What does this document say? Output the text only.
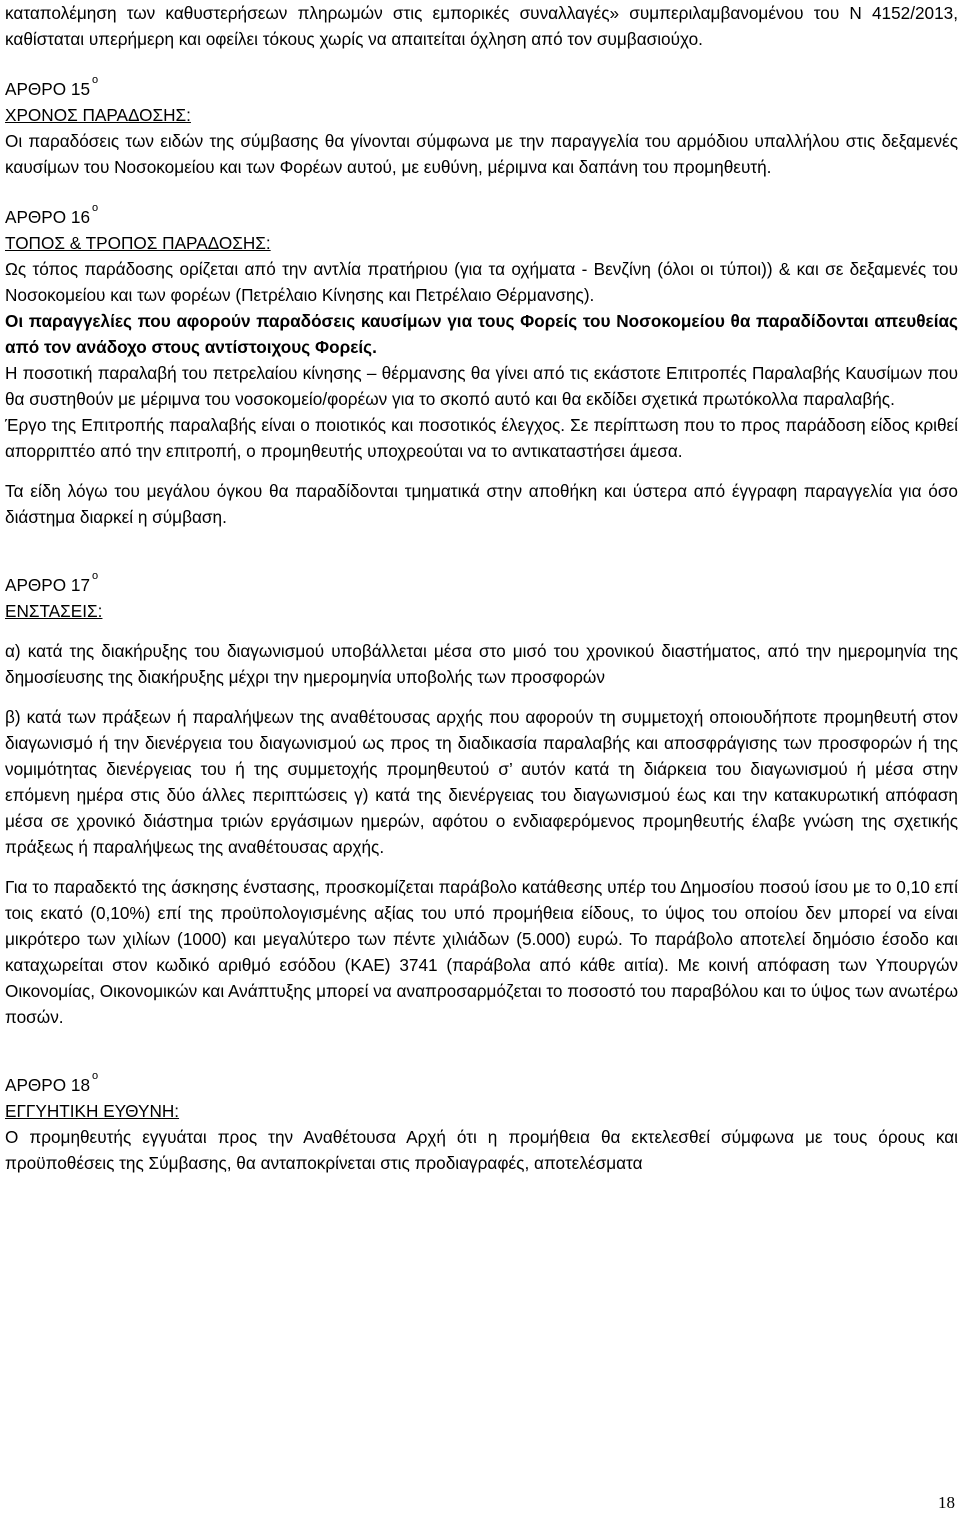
καταπολέμηση των καθυστερήσεων πληρωμών στις εμπορικές συναλλαγές» συμπεριλαμβανομένου του Ν 4152/2013, καθίσταται υπερήμερη και οφείλει τόκους χωρίς να απαιτείται όχληση από τον συμβασιούχο.

ΑΡΘΡΟ 15 $^o$
ΧΡΟΝΟΣ ΠΑΡΑΔΟΣΗΣ:

Οι παραδόσεις των ειδών της σύμβασης θα γίνονται σύμφωνα με την παραγγελία του αρμόδιου υπαλλήλου στις δεξαμενές καυσίμων του Νοσοκομείου και των Φορέων αυτού, με ευθύνη, μέριμνα και δαπάνη του προμηθευτή.

ΑΡΘΡΟ 16 $^o$
ΤΟΠΟΣ & ΤΡΟΠΟΣ ΠΑΡΑΔΟΣΗΣ:

Ως τόπος παράδοσης ορίζεται από την αντλία πρατήριου (για τα οχήματα - Βενζίνη (όλοι οι τύποι)) & και σε δεξαμενές του Νοσοκομείου και των φορέων (Πετρέλαιο Κίνησης και Πετρέλαιο Θέρμανσης).

Οι παραγγελίες που αφορούν παραδόσεις καυσίμων για τους Φορείς του Νοσοκομείου θα παραδίδονται απευθείας από τον ανάδοχο στους αντίστοιχους Φορείς.

Η ποσοτική παραλαβή του πετρελαίου κίνησης – θέρμανσης θα γίνει από τις εκάστοτε Επιτροπές Παραλαβής Καυσίμων που θα συστηθούν με μέριμνα του νοσοκομείο/φορέων για το σκοπό αυτό και θα εκδίδει σχετικά πρωτόκολλα παραλαβής.

Έργο της Επιτροπής παραλαβής είναι ο ποιοτικός και ποσοτικός έλεγχος. Σε περίπτωση που το προς παράδοση είδος κριθεί απορριπτέο από την επιτροπή, ο προμηθευτής υποχρεούται να το αντικαταστήσει άμεσα.

Τα είδη λόγω του μεγάλου όγκου θα παραδίδονται τμηματικά στην αποθήκη και ύστερα από έγγραφη παραγγελία για όσο διάστημα διαρκεί η σύμβαση.

ΑΡΘΡΟ 17 $^o$
ΕΝΣΤΑΣΕΙΣ:

α) κατά της διακήρυξης του διαγωνισμού υποβάλλεται μέσα στο μισό του χρονικού διαστήματος, από την ημερομηνία της δημοσίευσης της διακήρυξης μέχρι την ημερομηνία υποβολής των προσφορών

β) κατά των πράξεων ή παραλήψεων της αναθέτουσας αρχής που αφορούν τη συμμετοχή οποιουδήποτε προμηθευτή στον διαγωνισμό ή την διενέργεια του διαγωνισμού ως προς τη διαδικασία παραλαβής και αποσφράγισης των προσφορών ή της νομιμότητας διενέργειας του ή της συμμετοχής προμηθευτού σ’ αυτόν κατά τη διάρκεια του διαγωνισμού ή μέσα στην επόμενη ημέρα στις δύο άλλες περιπτώσεις γ) κατά της διενέργειας του διαγωνισμού έως και την κατακυρωτική απόφαση μέσα σε χρονικό διάστημα τριών εργάσιμων ημερών, αφότου ο ενδιαφερόμενος προμηθευτής έλαβε γνώση της σχετικής πράξεως ή παραλήψεως της αναθέτουσας αρχής.

Για το παραδεκτό της άσκησης ένστασης, προσκομίζεται παράβολο κατάθεσης υπέρ του Δημοσίου ποσού ίσου με το 0,10 επί τοις εκατό (0,10%) επί της προϋπολογισμένης αξίας του υπό προμήθεια είδους, το ύψος του οποίου δεν μπορεί να είναι μικρότερο των χιλίων (1000) και μεγαλύτερο των πέντε χιλιάδων (5.000) ευρώ. Το παράβολο αποτελεί δημόσιο έσοδο και καταχωρείται στον κωδικό αριθμό εσόδου (ΚΑΕ) 3741 (παράβολα από κάθε αιτία). Με κοινή απόφαση των Υπουργών Οικονομίας, Οικονομικών και Ανάπτυξης μπορεί να αναπροσαρμόζεται το ποσοστό του παραβόλου και το ύψος των ανωτέρω ποσών.

ΑΡΘΡΟ 18 $^o$
ΕΓΓΥΗΤΙΚΗ ΕΥΘΥΝΗ:

Ο προμηθευτής εγγυάται προς την Αναθέτουσα Αρχή ότι η προμήθεια θα εκτελεσθεί σύμφωνα με τους όρους και προϋποθέσεις της Σύμβασης, θα ανταποκρίνεται στις προδιαγραφές, αποτελέσματα

18
